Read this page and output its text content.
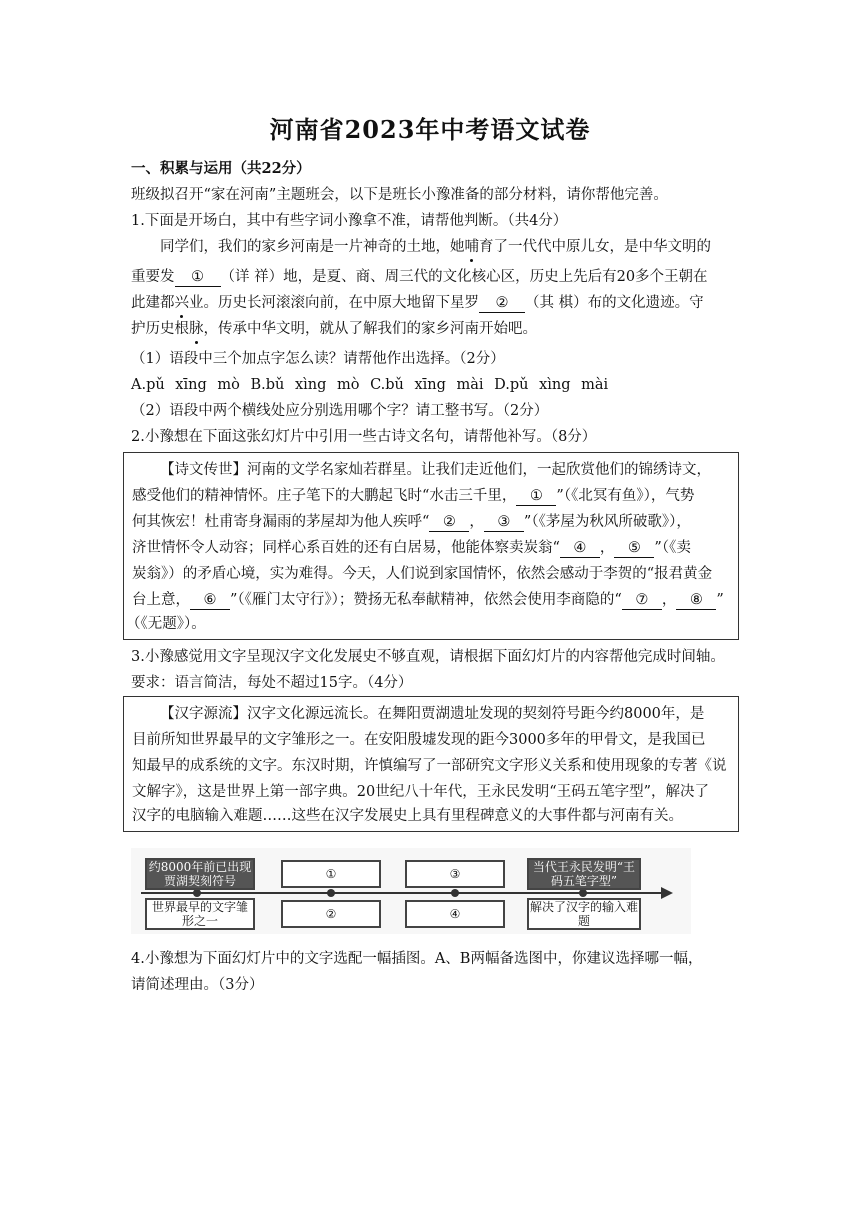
河南省2023年中考语文试卷
一、积累与运用（共22分）
班级拟召开“家在河南”主题班会，以下是班长小豫准备的部分材料，请你帮他完善。
1.下面是开场白，其中有些字词小豫拿不准，请帮他判断。（共4分）
同学们，我们的家乡河南是一片神奇的土地，她哺育了一代代中原儿女，是中华文明的
重要发 ① （详 祥）地，是夏、商、周三代的文化核心区，历史上先后有20多个王朝在
此建都兴业。历史长河滚滚向前，在中原大地留下星罗 ② （其 棋）布的文化遗迹。守
护历史根脉，传承中华文明，就从了解我们的家乡河南开始吧。
（1）语段中三个加点字怎么读？请帮他作出选择。（2分）
A.pǔ xīng mò B.bǔ xìng mò C.bǔ xīng mài D.pǔ xìng mài
（2）语段中两个横线处应分别选用哪个字？请工整书写。（2分）
2.小豫想在下面这张幻灯片中引用一些古诗文名句，请帮他补写。（8分）
【诗文传世】河南的文学名家灿若群星。让我们走近他们，一起欣赏他们的锦绣诗文，
感受他们的精神情怀。庄子笔下的大鹏起飞时“水击三千里， ① ”（《北冥有鱼》），气势
何其恢宏！杜甫寄身漏雨的茅屋却为他人疾呼“ ② ， ③ ”（《茅屋为秋风所破歌》），
济世情怀令人动容；同样心系百姓的还有白居易，他能体察卖炭翁“ ④ ， ⑤ ”（《卖
炭翁》）的矛盾心境，实为难得。今天，人们说到家国情怀，依然会感动于李贺的“报君黄金
台上意， ⑥ ”（《雁门太守行》）；赞扬无私奉献精神，依然会使用李商隐的“ ⑦ ， ⑧ ”
（《无题》）。
3.小豫感觉用文字呈现汉字文化发展史不够直观，请根据下面幻灯片的内容帮他完成时间轴。
要求：语言简洁，每处不超过15字。（4分）
【汉字源流】汉字文化源远流长。在舞阳贾湖遗址发现的契刻符号距今约8000年，是
目前所知世界最早的文字雏形之一。在安阳殷墟发现的距今3000多年的甲骨文，是我国已
知最早的成系统的文字。东汉时期，许慎编写了一部研究文字形义关系和使用现象的专著《说
文解字》，这是世界上第一部字典。20世纪八十年代，王永民发明“王码五笔字型”，解决了
汉字的电脑输入难题……这些在汉字发展史上具有里程碑意义的大事件都与河南有关。
约8000年前已出现贾湖契刻符号	①	③	当代王永民发明“王码五笔字型”
世界最早的文字雏形之一	②	④	解决了汉字的输入难题
4.小豫想为下面幻灯片中的文字选配一幅插图。A、B两幅备选图中，你建议选择哪一幅，
请简述理由。（3分）
